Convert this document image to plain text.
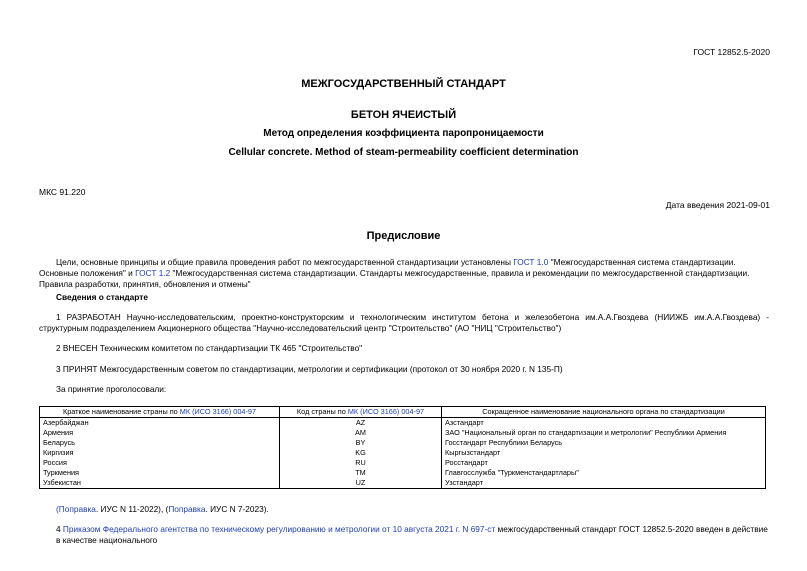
ГОСТ 12852.5-2020
МЕЖГОСУДАРСТВЕННЫЙ СТАНДАРТ
БЕТОН ЯЧЕИСТЫЙ
Метод определения коэффициента паропроницаемости
Cellular concrete. Method of steam-permeability coefficient determination
МКС 91.220
Дата введения 2021-09-01
Предисловие
Цели, основные принципы и общие правила проведения работ по межгосударственной стандартизации установлены ГОСТ 1.0 "Межгосударственная система стандартизации. Основные положения" и ГОСТ 1.2 "Межгосударственная система стандартизации. Стандарты межгосударственные, правила и рекомендации по межгосударственной стандартизации. Правила разработки, принятия, обновления и отмены"
Сведения о стандарте
1 РАЗРАБОТАН Научно-исследовательским, проектно-конструкторским и технологическим институтом бетона и железобетона им.А.А.Гвоздева (НИИЖБ им.А.А.Гвоздева) - структурным подразделением Акционерного общества "Научно-исследовательский центр "Строительство" (АО "НИЦ "Строительство")
2 ВНЕСЕН Техническим комитетом по стандартизации ТК 465 "Строительство"
3 ПРИНЯТ Межгосударственным советом по стандартизации, метрологии и сертификации (протокол от 30 ноября 2020 г. N 135-П)
За принятие проголосовали:
Краткое наименование страны по МК (ИСО 3166) 004-97	Код страны по МК (ИСО 3166) 004-97	Сокращенное наименование национального органа по стандартизации
Азербайджан	AZ	Азстандарт
Армения	AM	ЗАО "Национальный орган по стандартизации и метрологии" Республики Армения
Беларусь	BY	Госстандарт Республики Беларусь
Киргизия	KG	Кыргызстандарт
Россия	RU	Росстандарт
Туркмения	TM	Главгосслужба "Туркменстандартлары"
Узбекистан	UZ	Узстандарт
(Поправка. ИУС N 11-2022), (Поправка. ИУС N 7-2023).
4 Приказом Федерального агентства по техническому регулированию и метрологии от 10 августа 2021 г. N 697-ст межгосударственный стандарт ГОСТ 12852.5-2020 введен в действие в качестве национального
